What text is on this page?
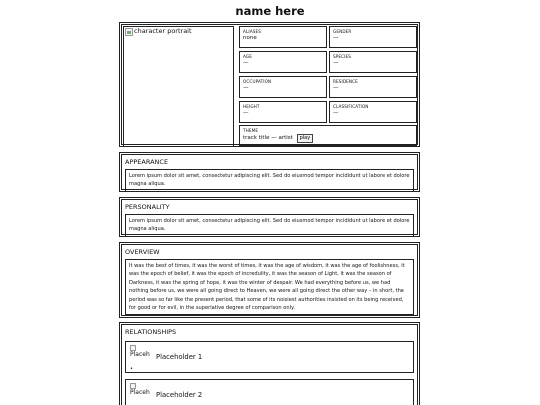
name here
character portrait	ALIASES
none
GENDER
—
AGE
—
SPECIES
—
OCCUPATION
—
RESIDENCE
—
HEIGHT
—
CLASSIFICATION
—
THEME
track title — artist play
APPEARANCE
Lorem ipsum dolor sit amet, consectetur adipiscing elit. Sed do eiusmod tempor incididunt ut labore et dolore magna aliqua.
PERSONALITY
Lorem ipsum dolor sit amet, consectetur adipiscing elit. Sed do eiusmod tempor incididunt ut labore et dolore magna aliqua.
OVERVIEW
It was the best of times, it was the worst of times, it was the age of wisdom, it was the age of foolishness, it was the epoch of belief, it was the epoch of incredulity, it was the season of Light, it was the season of Darkness, it was the spring of hope, it was the winter of despair. We had everything before us, we had nothing before us, we were all going direct to Heaven, we were all going direct the other way – in short, the period was so far like the present period, that some of its noisiest authorities insisted on its being received, for good or for evil, in the superlative degree of comparison only.
RELATIONSHIPS
Placeh Placeholder 1
•
Placeh Placeholder 2
